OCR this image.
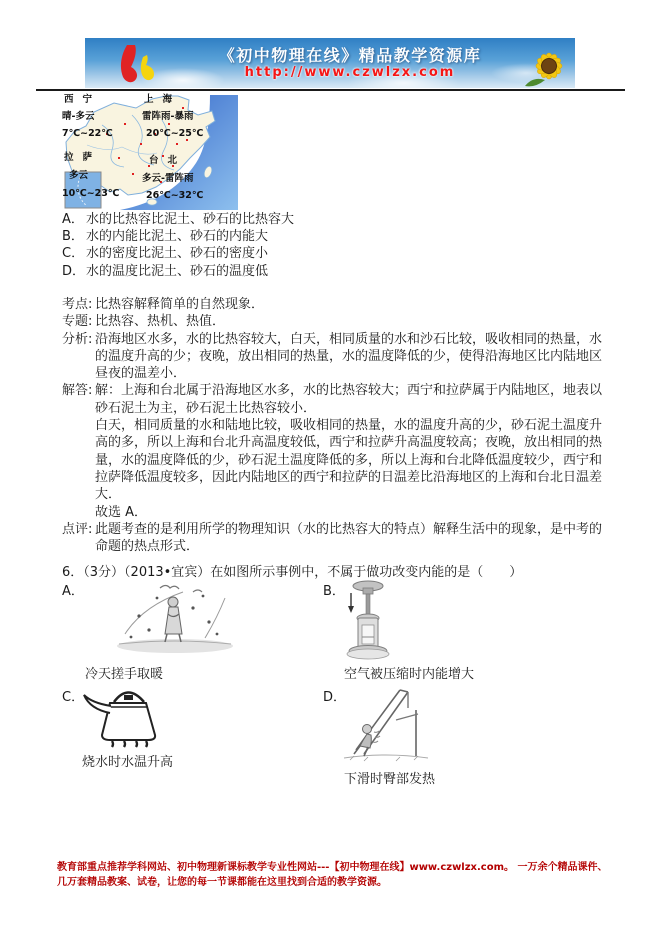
《初中物理在线》精品教学资源库
http://www.czwlzx.com
西宁
晴-多云
7℃~22℃
上海
雷阵雨-暴雨
20℃~25℃
拉萨
多云
10℃~23℃
台北
多云-雷阵雨
26℃~32℃
A． 水的比热容比泥土、砂石的比热容大
B． 水的内能比泥土、砂石的内能大
C． 水的密度比泥土、砂石的密度小
D． 水的温度比泥土、砂石的温度低
考点: 比热容解释简单的自然现象．
专题: 比热容、热机、热值．
分析: 沿海地区水多，水的比热容较大，白天，相同质量的水和沙石比较，吸收相同的热量，水的温度升高的少；夜晚，放出相同的热量，水的温度降低的少，使得沿海地区比内陆地区昼夜的温差小．
解答: 解：上海和台北属于沿海地区水多，水的比热容较大；西宁和拉萨属于内陆地区，地表以砂石泥土为主，砂石泥土比热容较小．
白天，相同质量的水和陆地比较，吸收相同的热量，水的温度升高的少，砂石泥土温度升高的多，所以上海和台北升高温度较低，西宁和拉萨升高温度较高；夜晚，放出相同的热量，水的温度降低的少，砂石泥土温度降低的多，所以上海和台北降低温度较少，西宁和拉萨降低温度较多，因此内陆地区的西宁和拉萨的日温差比沿海地区的上海和台北日温差大．
故选 A．
点评: 此题考查的是利用所学的物理知识（水的比热容大的特点）解释生活中的现象，是中考的命题的热点形式．
6．（3分）（2013•宜宾）在如图所示事例中，不属于做功改变内能的是（　　）
A．
冷天搓手取暖
B．
空气被压缩时内能增大
C．
烧水时水温升高
D．
下滑时臀部发热
教育部重点推荐学科网站、初中物理新课标教学专业性网站---【初中物理在线】www.czwlzx.com。 一万余个精品课件、几万套精品教案、试卷，让您的每一节课都能在这里找到合适的教学资源。
